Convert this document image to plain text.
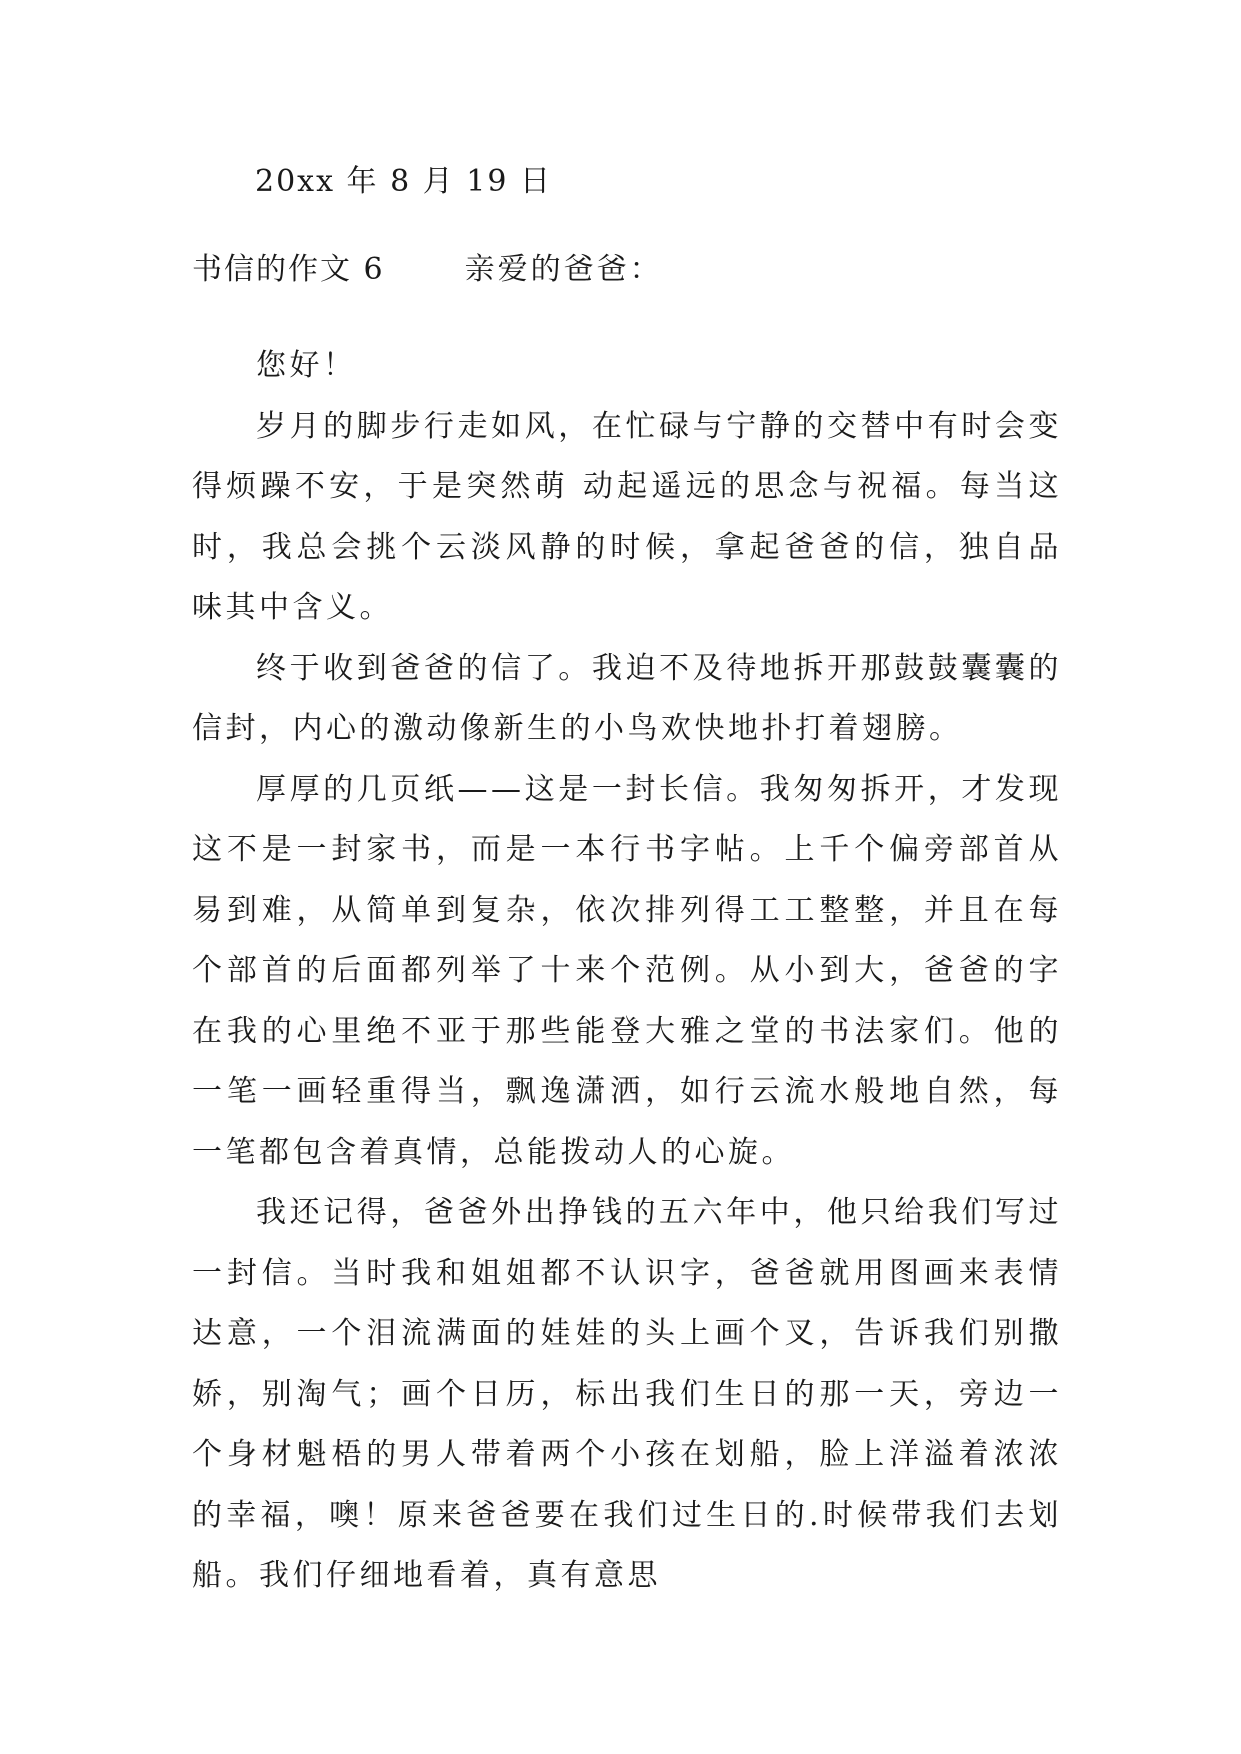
20xx 年 8 月 19 日
书信的作文 6	亲爱的爸爸：

您好！

岁月的脚步行走如风，在忙碌与宁静的交替中有时会变得烦躁不安，于是突然萌 动起遥远的思念与祝福。每当这时，我总会挑个云淡风静的时候，拿起爸爸的信，独自品味其中含义。

终于收到爸爸的信了。我迫不及待地拆开那鼓鼓囊囊的信封，内心的激动像新生的小鸟欢快地扑打着翅膀。

厚厚的几页纸——这是一封长信。我匆匆拆开，才发现这不是一封家书，而是一本行书字帖。上千个偏旁部首从易到难，从简单到复杂，依次排列得工工整整，并且在每个部首的后面都列举了十来个范例。从小到大，爸爸的字在我的心里绝不亚于那些能登大雅之堂的书法家们。他的一笔一画轻重得当，飘逸潇洒，如行云流水般地自然，每一笔都包含着真情，总能拨动人的心旋。

我还记得，爸爸外出挣钱的五六年中，他只给我们写过一封信。当时我和姐姐都不认识字，爸爸就用图画来表情达意，一个泪流满面的娃娃的头上画个叉，告诉我们别撒娇，别淘气；画个日历，标出我们生日的那一天，旁边一个身材魁梧的男人带着两个小孩在划船，脸上洋溢着浓浓的幸福，噢！原来爸爸要在我们过生日的.时候带我们去划船。我们仔细地看着，真有意思
